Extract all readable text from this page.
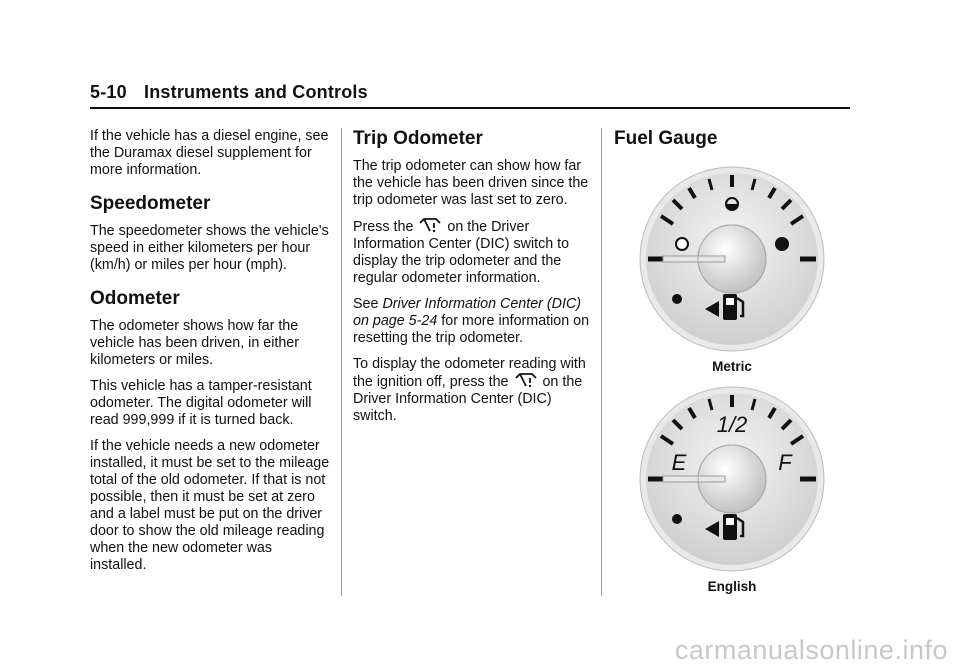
5-10 Instruments and Controls

If the vehicle has a diesel engine, see the Duramax diesel supplement for more information.

Speedometer

The speedometer shows the vehicle's speed in either kilometers per hour (km/h) or miles per hour (mph).

Odometer

The odometer shows how far the vehicle has been driven, in either kilometers or miles.

This vehicle has a tamper-resistant odometer. The digital odometer will read 999,999 if it is turned back.

If the vehicle needs a new odometer installed, it must be set to the mileage total of the old odometer. If that is not possible, then it must be set at zero and a label must be put on the driver door to show the old mileage reading when the new odometer was installed.

Trip Odometer

The trip odometer can show how far the vehicle has been driven since the trip odometer was last set to zero.

Press the on the Driver Information Center (DIC) switch to display the trip odometer and the regular odometer information.

See Driver Information Center (DIC) on page 5-24 for more information on resetting the trip odometer.

To display the odometer reading with the ignition off, press the on the Driver Information Center (DIC) switch.

Fuel Gauge
Metric
1/2
E	F
English
carmanualsonline.info
